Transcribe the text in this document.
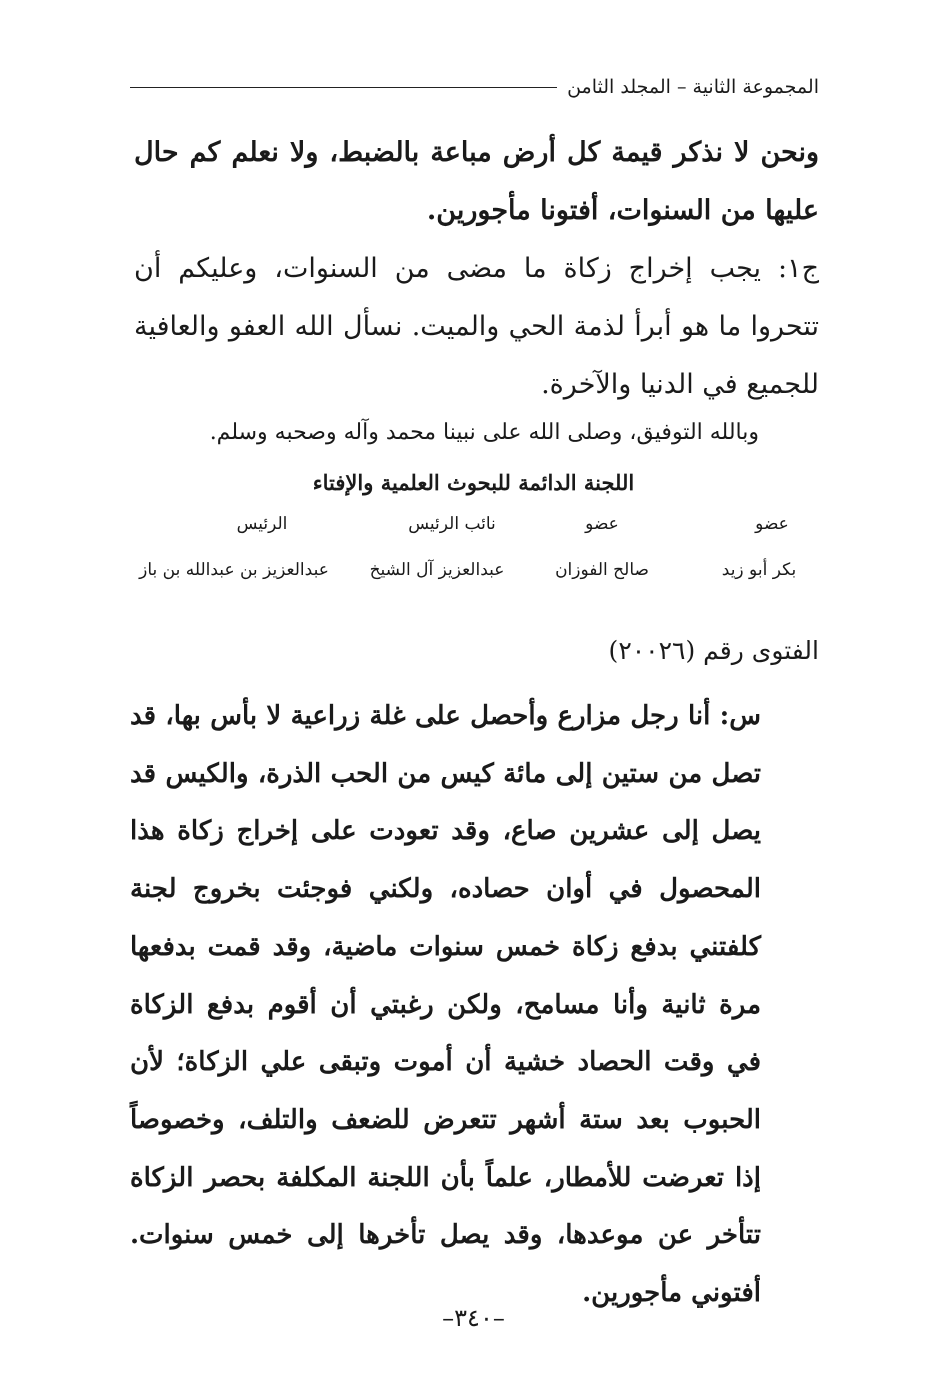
المجموعة الثانية – المجلد الثامن

ونحن لا نذكر قيمة كل أرض مباعة بالضبط، ولا نعلم كم حال عليها من السنوات، أفتونا مأجورين.

ج١: يجب إخراج زكاة ما مضى من السنوات، وعليكم أن تتحروا ما هو أبرأ لذمة الحي والميت. نسأل الله العفو والعافية للجميع في الدنيا والآخرة.

وبالله التوفيق، وصلى الله على نبينا محمد وآله وصحبه وسلم.
اللجنة الدائمة للبحوث العلمية والإفتاء
عضو
عضو
نائب الرئيس
الرئيس
بكر أبو زيد
صالح الفوزان
عبدالعزيز آل الشيخ
عبدالعزيز بن عبدالله بن باز
الفتوى رقم (٢٠٠٢٦)

س: أنا رجل مزارع وأحصل على غلة زراعية لا بأس بها، قد تصل من ستين إلى مائة كيس من الحب الذرة، والكيس قد يصل إلى عشرين صاع، وقد تعودت على إخراج زكاة هذا المحصول في أوان حصاده، ولكني فوجئت بخروج لجنة كلفتني بدفع زكاة خمس سنوات ماضية، وقد قمت بدفعها مرة ثانية وأنا مسامح، ولكن رغبتي أن أقوم بدفع الزكاة في وقت الحصاد خشية أن أموت وتبقى علي الزكاة؛ لأن الحبوب بعد ستة أشهر تتعرض للضعف والتلف، وخصوصاً إذا تعرضت للأمطار، علماً بأن اللجنة المكلفة بحصر الزكاة تتأخر عن موعدها، وقد يصل تأخرها إلى خمس سنوات. أفتوني مأجورين.

–٣٤٠–
